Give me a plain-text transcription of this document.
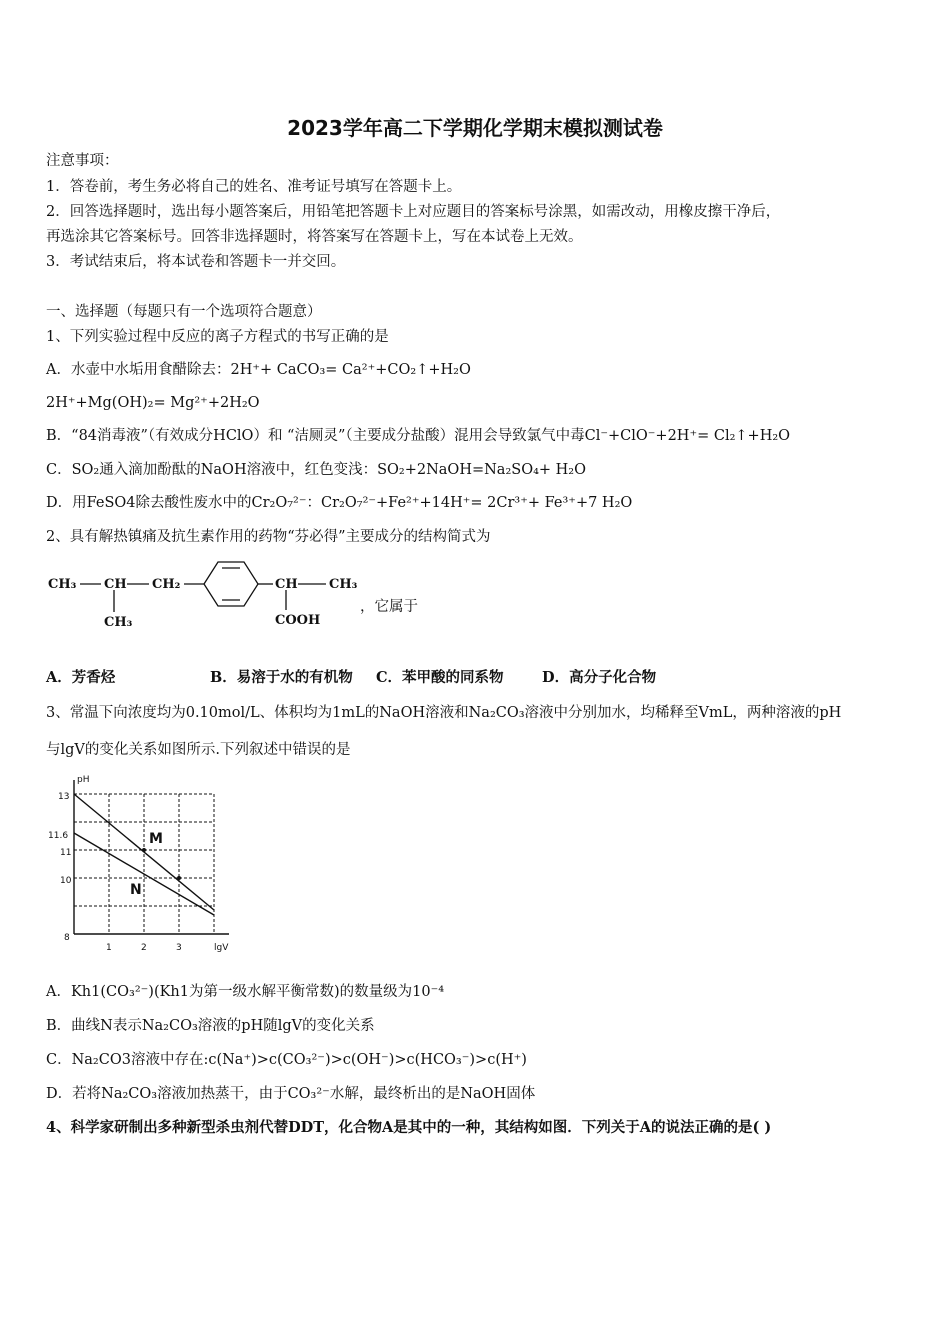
2023学年高二下学期化学期末模拟测试卷
注意事项：
1．答卷前，考生务必将自己的姓名、准考证号填写在答题卡上。
2．回答选择题时，选出每小题答案后，用铅笔把答题卡上对应题目的答案标号涂黑，如需改动，用橡皮擦干净后，
再选涂其它答案标号。回答非选择题时，将答案写在答题卡上，写在本试卷上无效。
3．考试结束后，将本试卷和答题卡一并交回。
一、选择题（每题只有一个选项符合题意）
1、下列实验过程中反应的离子方程式的书写正确的是
A．水壶中水垢用食醋除去：2H⁺+ CaCO₃= Ca²⁺+CO₂↑+H₂O
2H⁺+Mg(OH)₂= Mg²⁺+2H₂O
B．“84消毒液”（有效成分HClO）和 “洁厕灵”（主要成分盐酸）混用会导致氯气中毒Cl⁻+ClO⁻+2H⁺= Cl₂↑+H₂O
C．SO₂通入滴加酚酞的NaOH溶液中，红色变浅：SO₂+2NaOH=Na₂SO₄+ H₂O
D．用FeSO4除去酸性废水中的Cr₂O₇²⁻：Cr₂O₇²⁻+Fe²⁺+14H⁺= 2Cr³⁺+ Fe³⁺+7 H₂O
2、具有解热镇痛及抗生素作用的药物“芬必得”主要成分的结构简式为
CH₃ CH CH₂
CH₃
CH CH₃
COOH
，它属于
A．芳香烃	B．易溶于水的有机物 C．苯甲酸的同系物	D．高分子化合物
3、常温下向浓度均为0.10mol/L、体积均为1mL的NaOH溶液和Na₂CO₃溶液中分别加水，均稀释至VmL，两种溶液的pH
与lgV的变化关系如图所示.下列叙述中错误的是
pH
lgV
13
11.6
11
10
8
1	2	3
M
N
A．Kh1(CO₃²⁻)(Kh1为第一级水解平衡常数)的数量级为10⁻⁴
B．曲线N表示Na₂CO₃溶液的pH随lgV的变化关系
C．Na₂CO3溶液中存在:c(Na⁺)>c(CO₃²⁻)>c(OH⁻)>c(HCO₃⁻)>c(H⁺)
D．若将Na₂CO₃溶液加热蒸干，由于CO₃²⁻水解，最终析出的是NaOH固体
4、科学家研制出多种新型杀虫剂代替DDT，化合物A是其中的一种，其结构如图．下列关于A的说法正确的是( )
